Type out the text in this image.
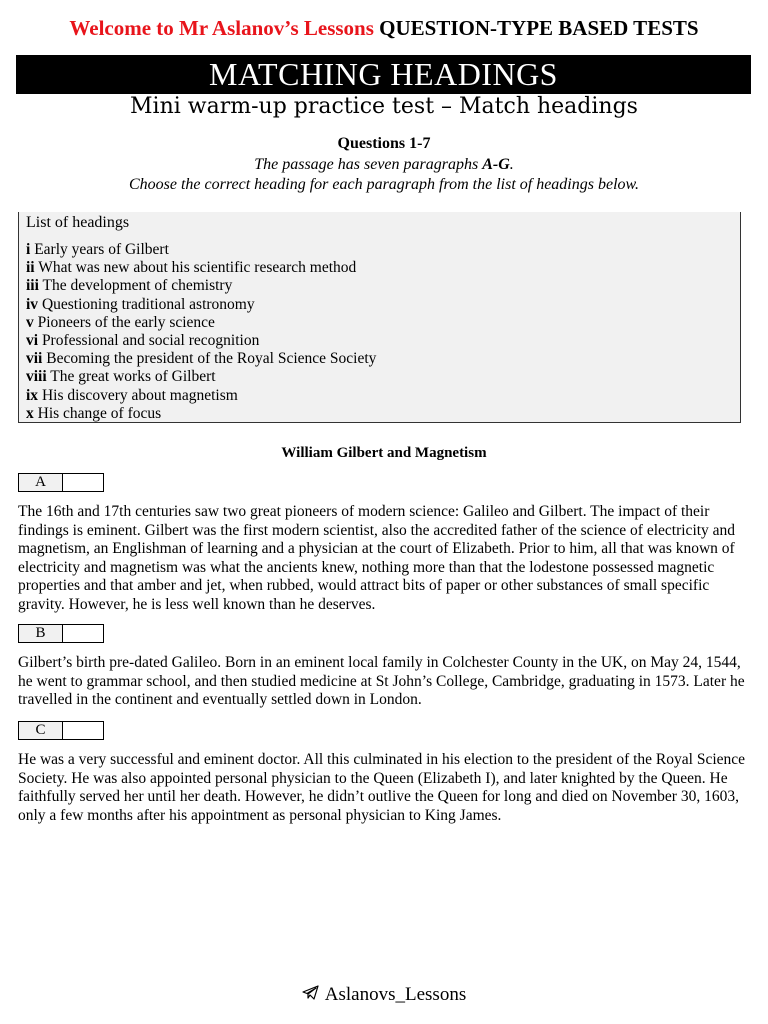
Welcome to Mr Aslanov’s Lessons QUESTION-TYPE BASED TESTS
MATCHING HEADINGS
Mini warm-up practice test – Match headings
Questions 1-7
The passage has seven paragraphs A-G.
Choose the correct heading for each paragraph from the list of headings below.
List of headings
i Early years of Gilbert
ii What was new about his scientific research method
iii The development of chemistry
iv Questioning traditional astronomy
v Pioneers of the early science
vi Professional and social recognition
vii Becoming the president of the Royal Science Society
viii The great works of Gilbert
ix His discovery about magnetism
x His change of focus
William Gilbert and Magnetism
A

The 16th and 17th centuries saw two great pioneers of modern science: Galileo and Gilbert. The impact of their findings is eminent. Gilbert was the first modern scientist, also the accredited father of the science of electricity and magnetism, an Englishman of learning and a physician at the court of Elizabeth. Prior to him, all that was known of electricity and magnetism was what the ancients knew, nothing more than that the lodestone possessed magnetic properties and that amber and jet, when rubbed, would attract bits of paper or other substances of small specific gravity. However, he is less well known than he deserves.

B

Gilbert’s birth pre-dated Galileo. Born in an eminent local family in Colchester County in the UK, on May 24, 1544, he went to grammar school, and then studied medicine at St John’s College, Cambridge, graduating in 1573. Later he travelled in the continent and eventually settled down in London.

C

He was a very successful and eminent doctor. All this culminated in his election to the president of the Royal Science Society. He was also appointed personal physician to the Queen (Elizabeth I), and later knighted by the Queen. He faithfully served her until her death. However, he didn’t outlive the Queen for long and died on November 30, 1603, only a few months after his appointment as personal physician to King James.

Aslanovs_Lessons
